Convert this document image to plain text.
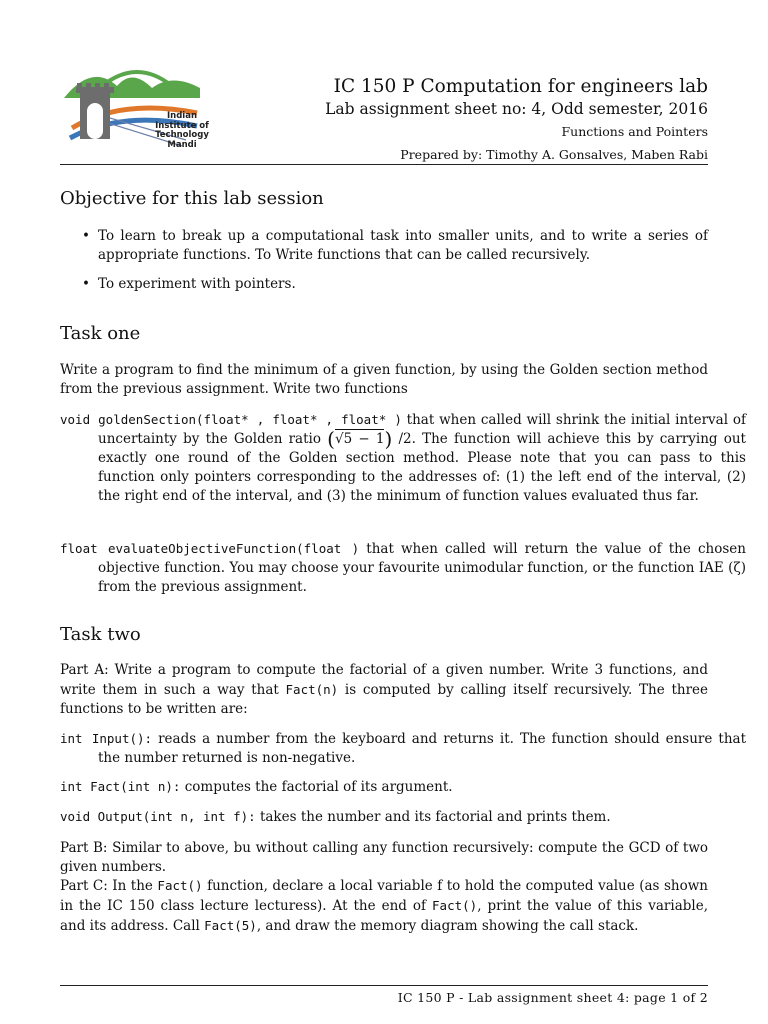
Indian
Institute of
Technology
Mandi
IC 150 P Computation for engineers lab
Lab assignment sheet no: 4, Odd semester, 2016
Functions and Pointers
Prepared by: Timothy A. Gonsalves, Maben Rabi
Objective for this lab session
• To learn to break up a computational task into smaller units, and to write a series of appropriate functions. To Write functions that can be called recursively.
• To experiment with pointers.
Task one
Write a program to find the minimum of a given function, by using the Golden section method from the previous assignment. Write two functions
void goldenSection(float* , float* , float* ) that when called will shrink the initial interval of uncertainty by the Golden ratio (√5 − 1) /2. The function will achieve this by carrying out exactly one round of the Golden section method. Please note that you can pass to this function only pointers corresponding to the addresses of: (1) the left end of the interval, (2) the right end of the interval, and (3) the minimum of function values evaluated thus far.
float evaluateObjectiveFunction(float ) that when called will return the value of the chosen objective function. You may choose your favourite unimodular function, or the function IAE (ζ) from the previous assignment.
Task two
Part A: Write a program to compute the factorial of a given number. Write 3 functions, and write them in such a way that Fact(n) is computed by calling itself recursively. The three functions to be written are:
int Input(): reads a number from the keyboard and returns it. The function should ensure that the number returned is non-negative.
int Fact(int n): computes the factorial of its argument.
void Output(int n, int f): takes the number and its factorial and prints them.
Part B: Similar to above, bu without calling any function recursively: compute the GCD of two given numbers.
Part C: In the Fact() function, declare a local variable f to hold the computed value (as shown in the IC 150 class lecture lecturess). At the end of Fact(), print the value of this variable, and its address. Call Fact(5), and draw the memory diagram showing the call stack.
IC 150 P - Lab assignment sheet 4: page 1 of 2
